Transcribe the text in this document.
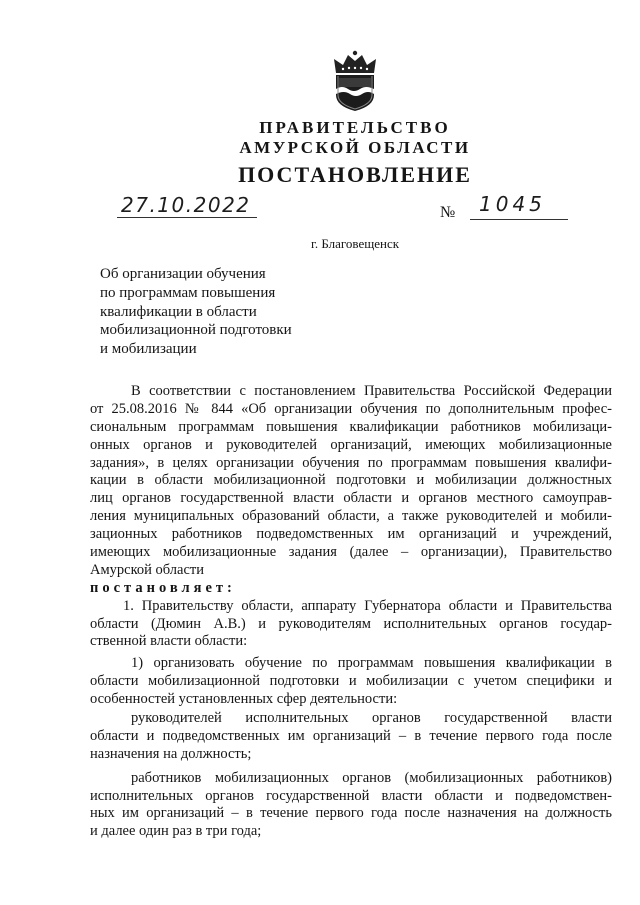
ПРАВИТЕЛЬСТВО
АМУРСКОЙ ОБЛАСТИ
ПОСТАНОВЛЕНИЕ
27.10.2022	№ 1045
г. Благовещенск
Об организации обучения
по программам повышения
квалификации в области
мобилизационной подготовки
и мобилизации
В соответствии с постановлением Правительства Российской Федерации
от 25.08.2016 № 844 «Об организации обучения по дополнительным профес-
сиональным программам повышения квалификации работников мобилизаци-
онных органов и руководителей организаций, имеющих мобилизационные
задания», в целях организации обучения по программам повышения квалифи-
кации в области мобилизационной подготовки и мобилизации должностных
лиц органов государственной власти области и органов местного самоуправ-
ления муниципальных образований области, а также руководителей и мобили-
зационных работников подведомственных им организаций и учреждений,
имеющих мобилизационные задания (далее – организации), Правительство
Амурской области
постановляет:
1. Правительству области, аппарату Губернатора области и Правительства
области (Дюмин А.В.) и руководителям исполнительных органов государ-
ственной власти области:
1) организовать обучение по программам повышения квалификации в
области мобилизационной подготовки и мобилизации с учетом специфики и
особенностей установленных сфер деятельности:
руководителей исполнительных органов государственной власти
области и подведомственных им организаций – в течение первого года после
назначения на должность;
работников мобилизационных органов (мобилизационных работников)
исполнительных органов государственной власти области и подведомствен-
ных им организаций – в течение первого года после назначения на должность
и далее один раз в три года;
